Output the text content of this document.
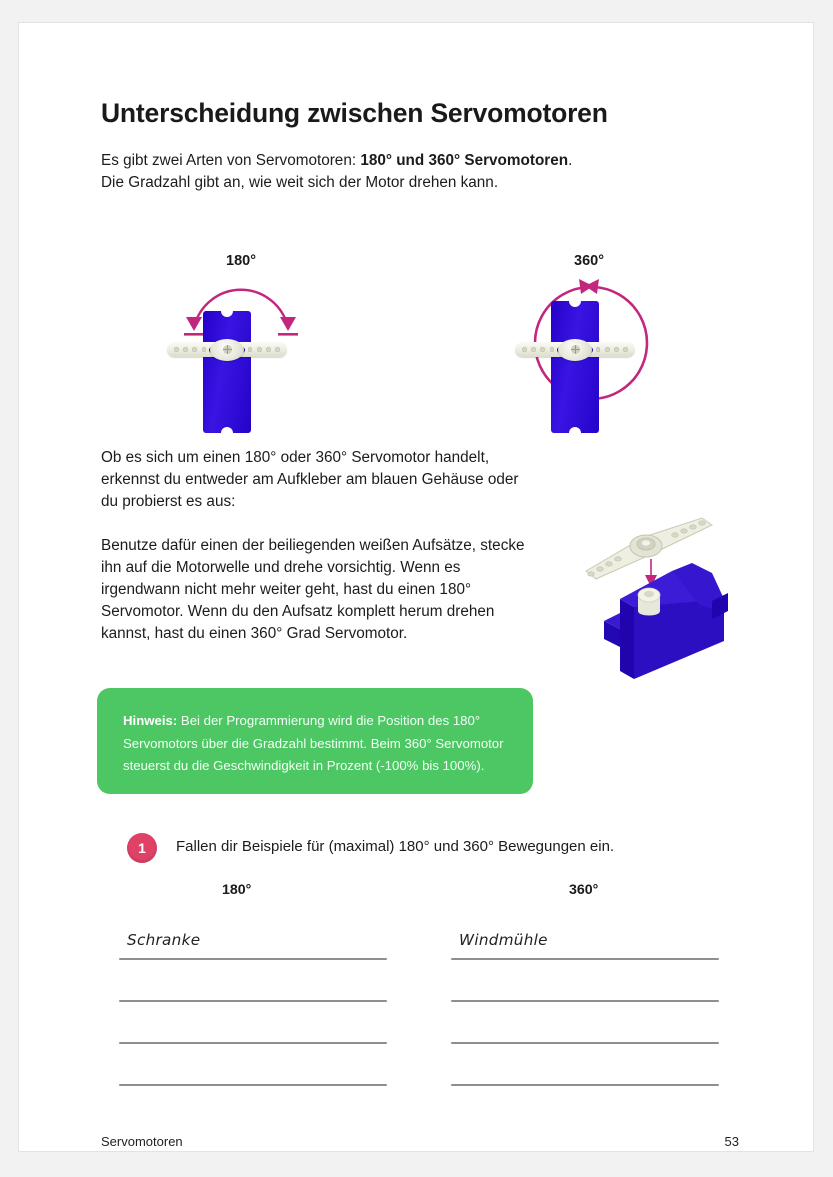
Unterscheidung zwischen Servomotoren
Es gibt zwei Arten von Servomotoren: 180° und 360° Servomotoren.
Die Gradzahl gibt an, wie weit sich der Motor drehen kann.
180°	360°
Ob es sich um einen 180° oder 360° Servomotor handelt, erkennst du entweder am Aufkleber am blauen Gehäuse oder du probierst es aus:
Benutze dafür einen der beiliegenden weißen Aufsätze, stecke ihn auf die Motorwelle und drehe vorsichtig. Wenn es irgendwann nicht mehr weiter geht, hast du einen 180° Servomotor. Wenn du den Aufsatz komplett herum drehen kannst, hast du einen 360° Grad Servomotor.
Hinweis: Bei der Programmierung wird die Position des 180° Servomotors über die Gradzahl bestimmt. Beim 360° Servomotor steuerst du die Geschwindigkeit in Prozent (-100% bis 100%).
1	Fallen dir Beispiele für (maximal) 180° und 360° Bewegungen ein.
180°	360°
Schranke	Windmühle
Servomotoren	53
